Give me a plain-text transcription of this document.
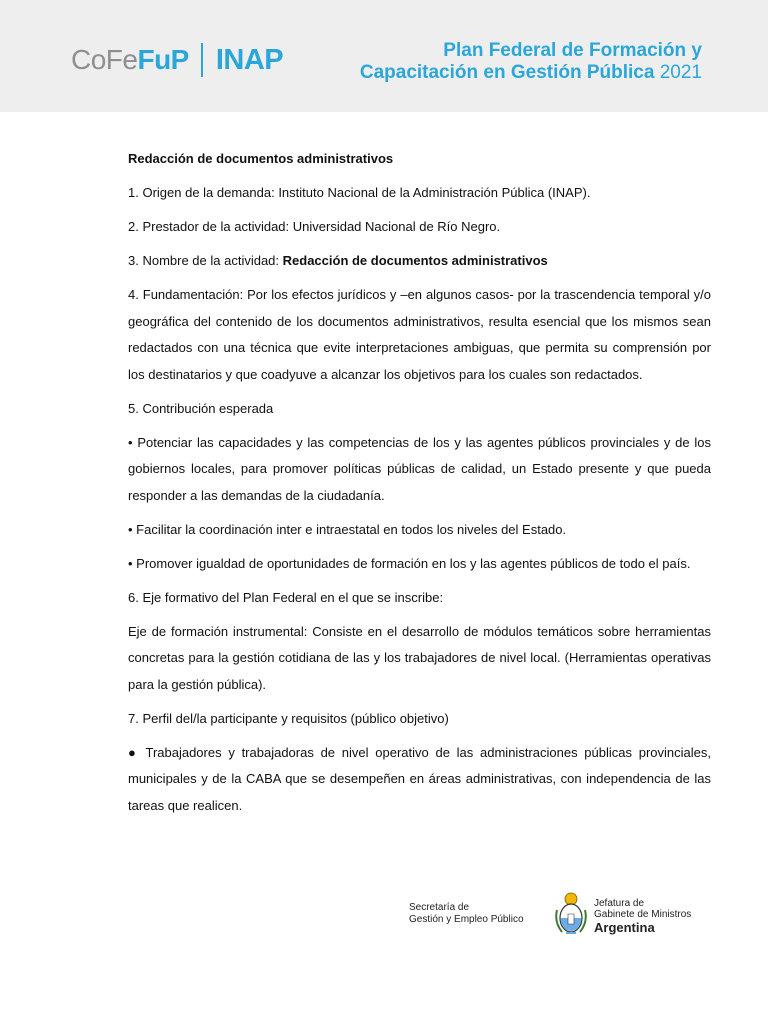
CoFe FuP INAP	Plan Federal de Formación y
Capacitación en Gestión Pública 2021

Redacción de documentos administrativos

1. Origen de la demanda: Instituto Nacional de la Administración Pública (INAP).

2. Prestador de la actividad: Universidad Nacional de Río Negro.

3. Nombre de la actividad: Redacción de documentos administrativos

4. Fundamentación: Por los efectos jurídicos y –en algunos casos- por la trascendencia temporal y/o geográfica del contenido de los documentos administrativos, resulta esencial que los mismos sean redactados con una técnica que evite interpretaciones ambiguas, que permita su comprensión por los destinatarios y que coadyuve a alcanzar los objetivos para los cuales son redactados.

5. Contribución esperada

• Potenciar las capacidades y las competencias de los y las agentes públicos provinciales y de los gobiernos locales, para promover políticas públicas de calidad, un Estado presente y que pueda responder a las demandas de la ciudadanía.

• Facilitar la coordinación inter e intraestatal en todos los niveles del Estado.

• Promover igualdad de oportunidades de formación en los y las agentes públicos de todo el país.

6. Eje formativo del Plan Federal en el que se inscribe:

Eje de formación instrumental: Consiste en el desarrollo de módulos temáticos sobre herramientas concretas para la gestión cotidiana de las y los trabajadores de nivel local. (Herramientas operativas para la gestión pública).

7. Perfil del/la participante y requisitos (público objetivo)

● Trabajadores y trabajadoras de nivel operativo de las administraciones públicas provinciales, municipales y de la CABA que se desempeñen en áreas administrativas, con independencia de las tareas que realicen.

Secretaría de
Gestión y Empleo Público
Jefatura de
Gabinete de Ministros
Argentina
